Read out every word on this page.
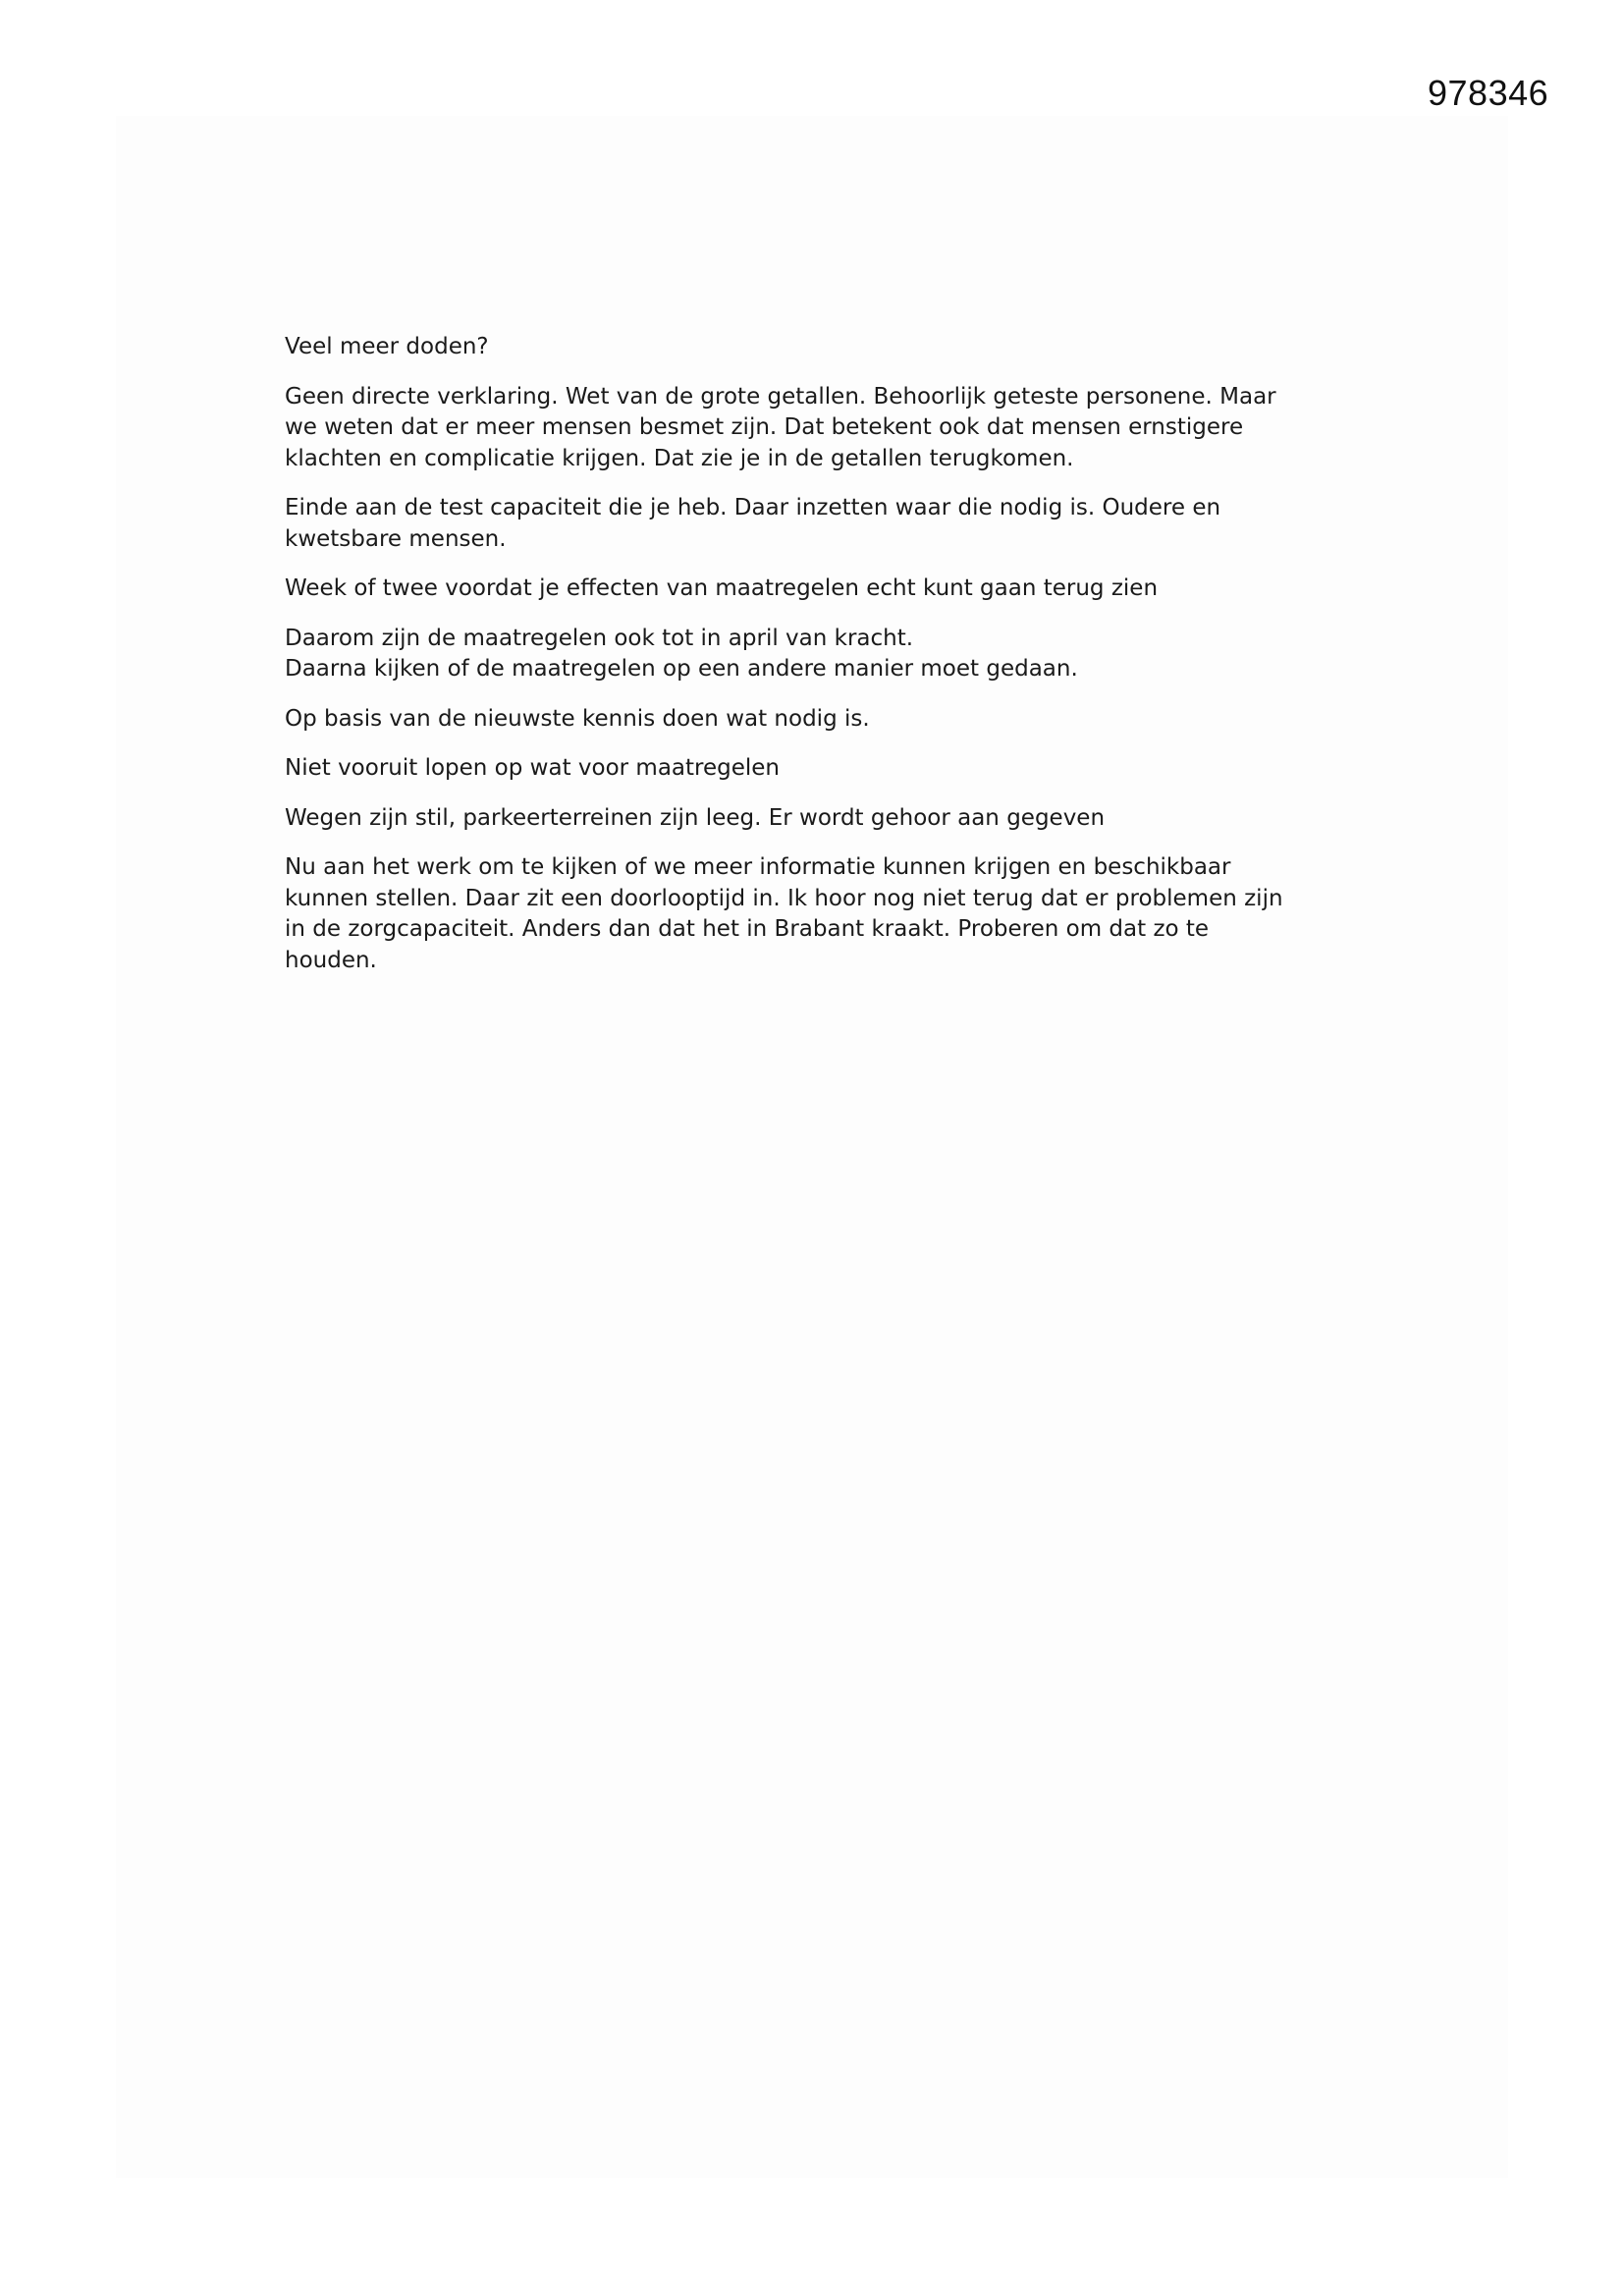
978346

Veel meer doden?

Geen directe verklaring. Wet van de grote getallen. Behoorlijk geteste personene. Maar
we weten dat er meer mensen besmet zijn. Dat betekent ook dat mensen ernstigere
klachten en complicatie krijgen. Dat zie je in de getallen terugkomen.

Einde aan de test capaciteit die je heb. Daar inzetten waar die nodig is. Oudere en
kwetsbare mensen.

Week of twee voordat je effecten van maatregelen echt kunt gaan terug zien

Daarom zijn de maatregelen ook tot in april van kracht.
Daarna kijken of de maatregelen op een andere manier moet gedaan.

Op basis van de nieuwste kennis doen wat nodig is.

Niet vooruit lopen op wat voor maatregelen

Wegen zijn stil, parkeerterreinen zijn leeg. Er wordt gehoor aan gegeven

Nu aan het werk om te kijken of we meer informatie kunnen krijgen en beschikbaar
kunnen stellen. Daar zit een doorlooptijd in. Ik hoor nog niet terug dat er problemen zijn
in de zorgcapaciteit. Anders dan dat het in Brabant kraakt. Proberen om dat zo te
houden.
